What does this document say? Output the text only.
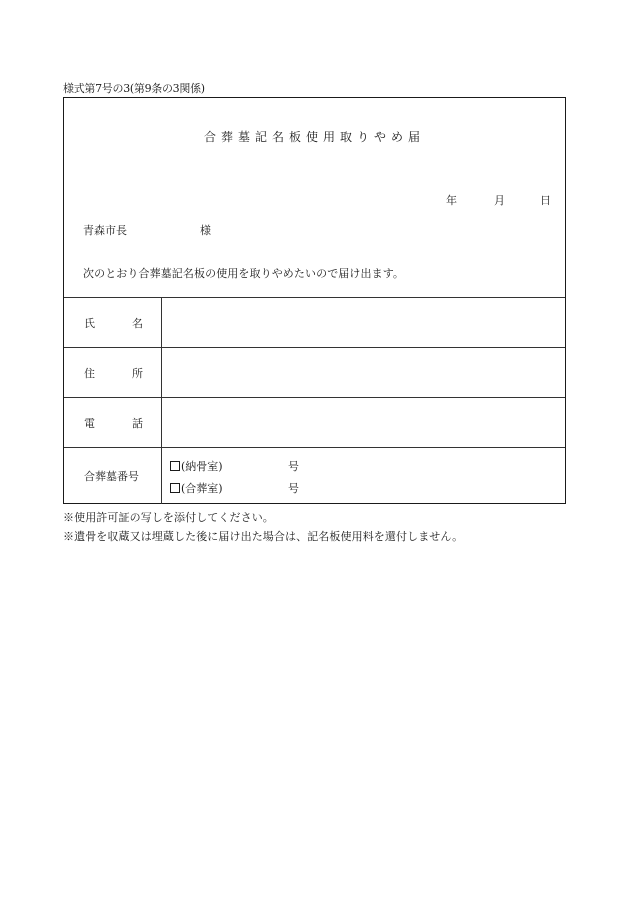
様式第7号の3(第9条の3関係)
合葬墓記名板使用取りやめ届
年	月	日
青森市長	様
次のとおり合葬墓記名板の使用を取りやめたいので届け出ます。
氏	名
住	所
電	話
合葬墓番号
(納骨室)	号
(合葬室)	号
※使用許可証の写しを添付してください。
※遺骨を収蔵又は埋蔵した後に届け出た場合は、記名板使用料を還付しません。
